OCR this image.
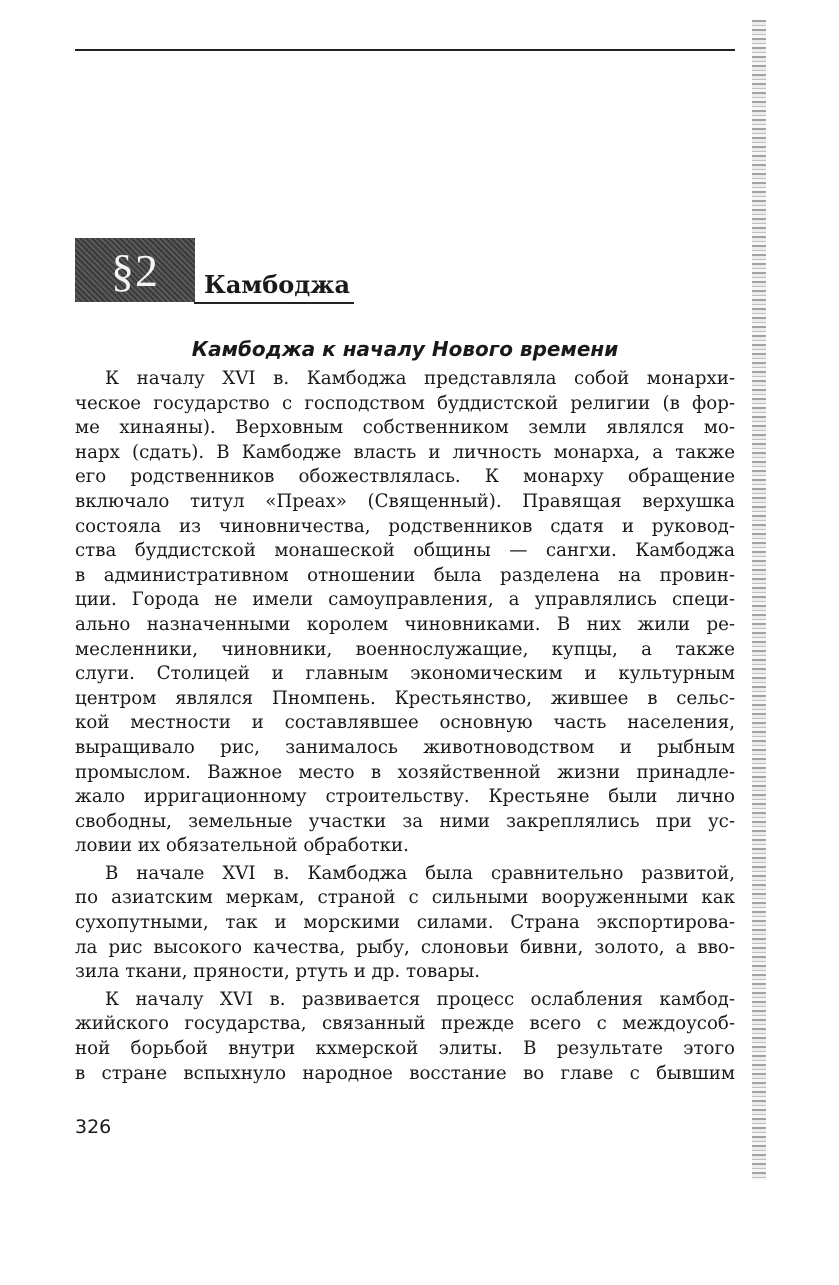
§2 Камбоджа
Камбоджа к началу Нового времени
К началу XVI в. Камбоджа представляла собой монархи-
ческое государство с господством буддистской религии (в фор-
ме хинаяны). Верховным собственником земли являлся мо-
нарх (сдать). В Камбодже власть и личность монарха, а также
его родственников обожествлялась. К монарху обращение
включало титул «Преах» (Священный). Правящая верхушка
состояла из чиновничества, родственников сдатя и руковод-
ства буддистской монашеской общины — сангхи. Камбоджа
в административном отношении была разделена на провин-
ции. Города не имели самоуправления, а управлялись специ-
ально назначенными королем чиновниками. В них жили ре-
месленники, чиновники, военнослужащие, купцы, а также
слуги. Столицей и главным экономическим и культурным
центром являлся Пномпень. Крестьянство, жившее в сельс-
кой местности и составлявшее основную часть населения,
выращивало рис, занималось животноводством и рыбным
промыслом. Важное место в хозяйственной жизни принадле-
жало ирригационному строительству. Крестьяне были лично
свободны, земельные участки за ними закреплялись при ус-
ловии их обязательной обработки.
В начале XVI в. Камбоджа была сравнительно развитой,
по азиатским меркам, страной с сильными вооруженными как
сухопутными, так и морскими силами. Страна экспортирова-
ла рис высокого качества, рыбу, слоновьи бивни, золото, а вво-
зила ткани, пряности, ртуть и др. товары.
К началу XVI в. развивается процесс ослабления камбод-
жийского государства, связанный прежде всего с междоусоб-
ной борьбой внутри кхмерской элиты. В результате этого
в стране вспыхнуло народное восстание во главе с бывшим
326
